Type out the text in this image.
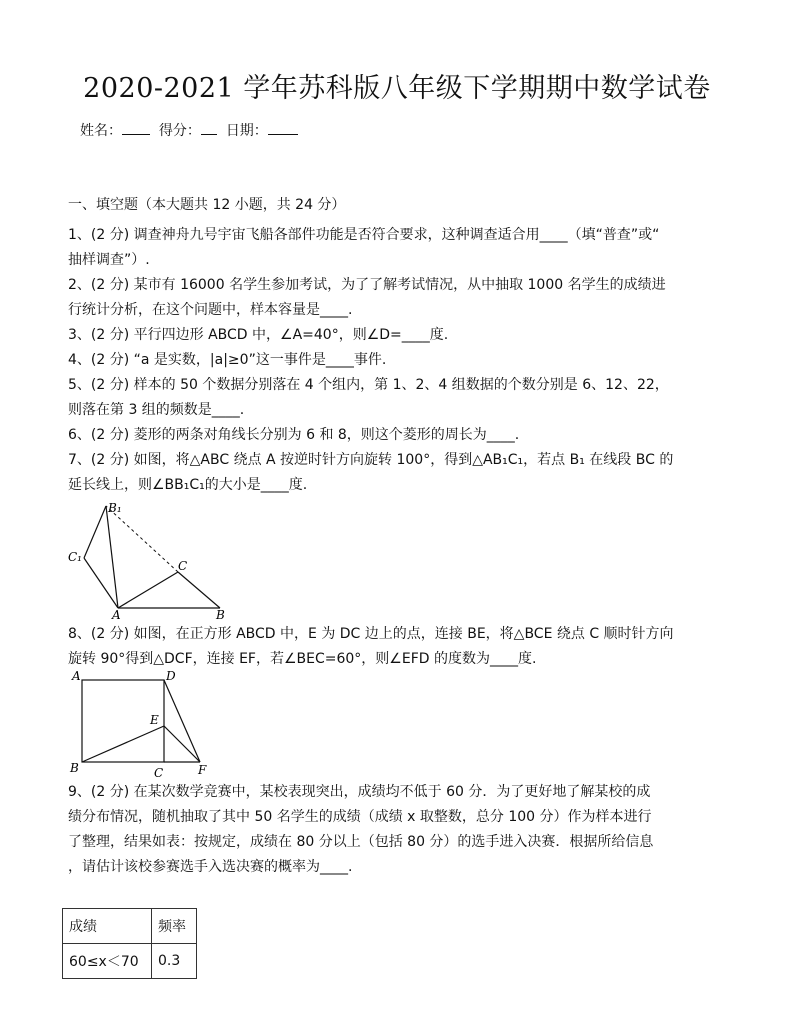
2020-2021 学年苏科版八年级下学期期中数学试卷
姓名：	得分： 日期：
一、填空题（本大题共 12 小题，共 24 分）
1、(2 分) 调查神舟九号宇宙飞船各部件功能是否符合要求，这种调查适合用____（填“普查”或“
抽样调查”）.
2、(2 分) 某市有 16000 名学生参加考试，为了了解考试情况，从中抽取 1000 名学生的成绩进
行统计分析，在这个问题中，样本容量是____.
3、(2 分) 平行四边形 ABCD 中，∠A=40°，则∠D=____度.
4、(2 分) “a 是实数，|a|≥0”这一事件是____事件.
5、(2 分) 样本的 50 个数据分别落在 4 个组内，第 1、2、4 组数据的个数分别是 6、12、22，
则落在第 3 组的频数是____.
6、(2 分) 菱形的两条对角线长分别为 6 和 8，则这个菱形的周长为____.
7、(2 分) 如图，将△ABC 绕点 A 按逆时针方向旋转 100°，得到△AB₁C₁，若点 B₁ 在线段 BC 的
延长线上，则∠BB₁C₁的大小是____度.
B₁
C₁
C
A	B
8、(2 分) 如图，在正方形 ABCD 中，E 为 DC 边上的点，连接 BE，将△BCE 绕点 C 顺时针方向
旋转 90°得到△DCF，连接 EF，若∠BEC=60°，则∠EFD 的度数为____度.
A	D
E
B	C	F
9、(2 分) 在某次数学竞赛中，某校表现突出，成绩均不低于 60 分．为了更好地了解某校的成
绩分布情况，随机抽取了其中 50 名学生的成绩（成绩 x 取整数，总分 100 分）作为样本进行
了整理，结果如表：按规定，成绩在 80 分以上（包括 80 分）的选手进入决赛．根据所给信息
，请估计该校参赛选手入选决赛的概率为____.
成绩	频率
60≤x＜70	0.3
